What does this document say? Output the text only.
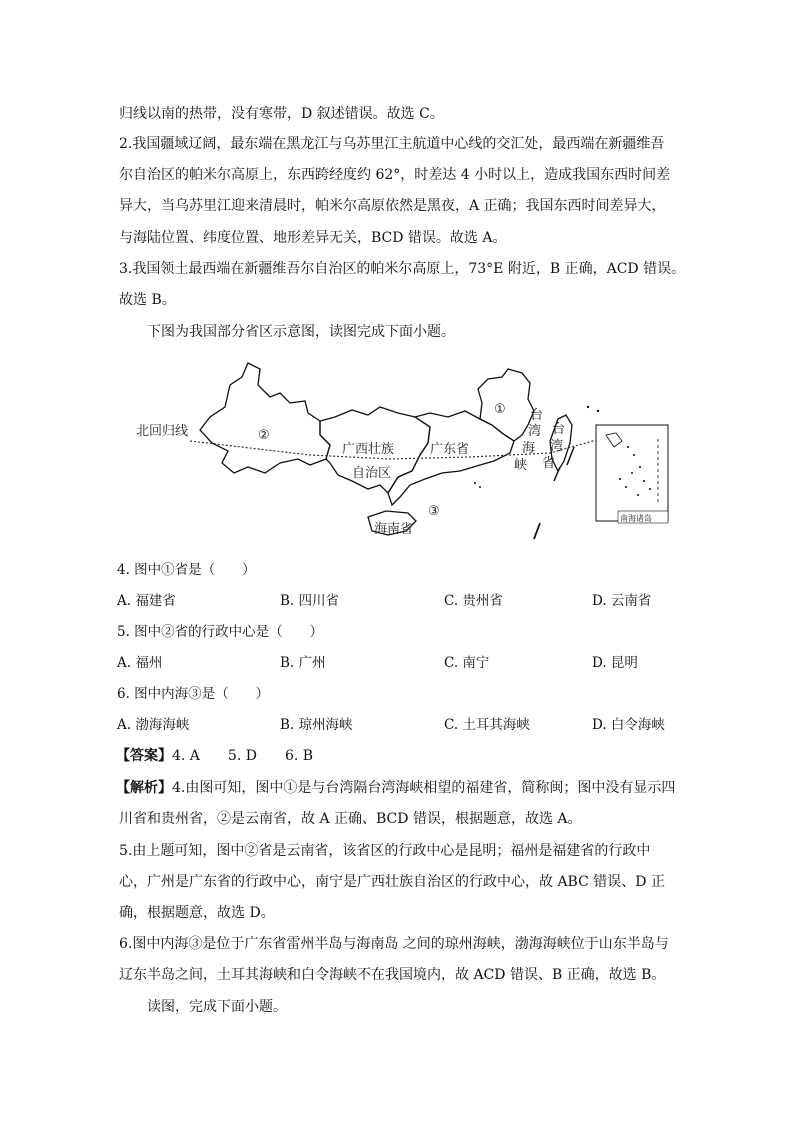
归线以南的热带，没有寒带，D 叙述错误。故选 C。
2.我国疆域辽阔，最东端在黑龙江与乌苏里江主航道中心线的交汇处，最西端在新疆维吾
尔自治区的帕米尔高原上，东西跨经度约 62°，时差达 4 小时以上，造成我国东西时间差
异大，当乌苏里江迎来清晨时，帕米尔高原依然是黑夜，A 正确；我国东西时间差异大，
与海陆位置、纬度位置、地形差异无关，BCD 错误。故选 A。
3.我国领土最西端在新疆维吾尔自治区的帕米尔高原上，73°E 附近，B 正确，ACD 错误。
故选 B。
下图为我国部分省区示意图，读图完成下面小题。
北回归线	②
广西壮族
自治区
广东省
① 台
湾
海
峡
台
湾
省
③
海南省
南海诸岛
4. 图中①省是（　　）
A. 福建省	B. 四川省	C. 贵州省	D. 云南省
5. 图中②省的行政中心是（　　）
A. 福州	B. 广州	C. 南宁	D. 昆明
6. 图中内海③是（　　）
A. 渤海海峡	B. 琼州海峡	C. 土耳其海峡	D. 白令海峡
【答案】4. A　　5. D　　6. B
【解析】4.由图可知，图中①是与台湾隔台湾海峡相望的福建省，简称闽；图中没有显示四
川省和贵州省，②是云南省，故 A 正确、BCD 错误，根据题意，故选 A。
5.由上题可知，图中②省是云南省，该省区的行政中心是昆明；福州是福建省的行政中
心，广州是广东省的行政中心，南宁是广西壮族自治区的行政中心，故 ABC 错误、D 正
确，根据题意，故选 D。
6.图中内海③是位于广东省雷州半岛与海南岛 之间的琼州海峡，渤海海峡位于山东半岛与
辽东半岛之间，土耳其海峡和白令海峡不在我国境内，故 ACD 错误、B 正确，故选 B。
读图，完成下面小题。
